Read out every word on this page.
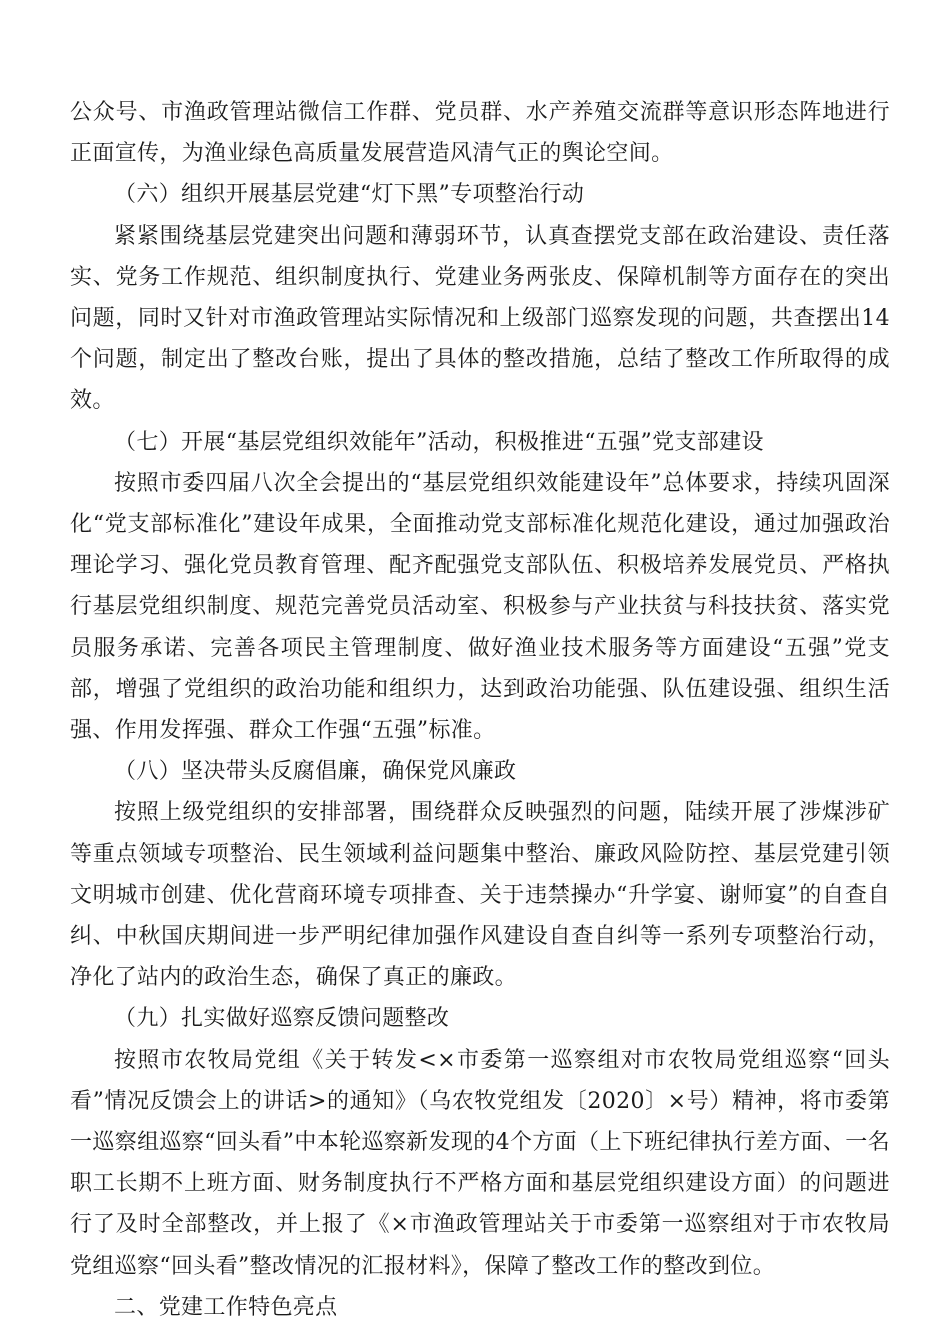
公众号、市渔政管理站微信工作群、党员群、水产养殖交流群等意识形态阵地进行正面宣传，为渔业绿色高质量发展营造风清气正的舆论空间。

（六）组织开展基层党建“灯下黑”专项整治行动

紧紧围绕基层党建突出问题和薄弱环节，认真查摆党支部在政治建设、责任落实、党务工作规范、组织制度执行、党建业务两张皮、保障机制等方面存在的突出问题，同时又针对市渔政管理站实际情况和上级部门巡察发现的问题，共查摆出14个问题，制定出了整改台账，提出了具体的整改措施，总结了整改工作所取得的成效。

（七）开展“基层党组织效能年”活动，积极推进“五强”党支部建设

按照市委四届八次全会提出的“基层党组织效能建设年”总体要求，持续巩固深化“党支部标准化”建设年成果，全面推动党支部标准化规范化建设，通过加强政治理论学习、强化党员教育管理、配齐配强党支部队伍、积极培养发展党员、严格执行基层党组织制度、规范完善党员活动室、积极参与产业扶贫与科技扶贫、落实党员服务承诺、完善各项民主管理制度、做好渔业技术服务等方面建设“五强”党支部，增强了党组织的政治功能和组织力，达到政治功能强、队伍建设强、组织生活强、作用发挥强、群众工作强“五强”标准。

（八）坚决带头反腐倡廉，确保党风廉政

按照上级党组织的安排部署，围绕群众反映强烈的问题，陆续开展了涉煤涉矿等重点领域专项整治、民生领域利益问题集中整治、廉政风险防控、基层党建引领文明城市创建、优化营商环境专项排查、关于违禁操办“升学宴、谢师宴”的自查自纠、中秋国庆期间进一步严明纪律加强作风建设自查自纠等一系列专项整治行动，净化了站内的政治生态，确保了真正的廉政。

（九）扎实做好巡察反馈问题整改

按照市农牧局党组《关于转发<×市委第一巡察组对市农牧局党组巡察“回头看”情况反馈会上的讲话>的通知》（乌农牧党组发〔2020〕×号）精神，将市委第一巡察组巡察“回头看”中本轮巡察新发现的4个方面（上下班纪律执行差方面、一名职工长期不上班方面、财务制度执行不严格方面和基层党组织建设方面）的问题进行了及时全部整改，并上报了《×市渔政管理站关于市委第一巡察组对于市农牧局党组巡察“回头看”整改情况的汇报材料》，保障了整改工作的整改到位。

二、党建工作特色亮点
